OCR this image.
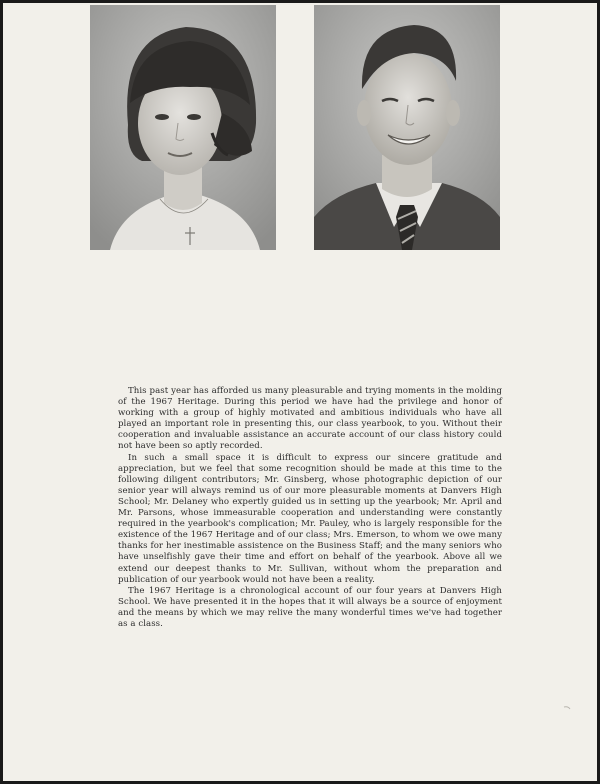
This past year has afforded us many pleasurable and trying moments in the molding of the 1967 Heritage. During this period we have had the privilege and honor of working with a group of highly motivated and ambitious individuals who have all played an important role in presenting this, our class yearbook, to you. Without their cooperation and invaluable assistance an accurate account of our class history could not have been so aptly recorded.

In such a small space it is difficult to express our sincere gratitude and appreciation, but we feel that some recognition should be made at this time to the following diligent contributors; Mr. Ginsberg, whose photographic depiction of our senior year will always remind us of our more pleasurable moments at Danvers High School; Mr. Delaney who expertly guided us in setting up the yearbook; Mr. April and Mr. Parsons, whose immeasurable cooperation and understanding were constantly required in the yearbook's complication; Mr. Pauley, who is largely responsible for the existence of the 1967 Heritage and of our class; Mrs. Emerson, to whom we owe many thanks for her inestimable assistence on the Business Staff; and the many seniors who have unselfishly gave their time and effort on behalf of the yearbook. Above all we extend our deepest thanks to Mr. Sullivan, without whom the preparation and publication of our yearbook would not have been a reality.

The 1967 Heritage is a chronological account of our four years at Danvers High School. We have presented it in the hopes that it will always be a source of enjoyment and the means by which we may relive the many wonderful times we've had together as a class.
